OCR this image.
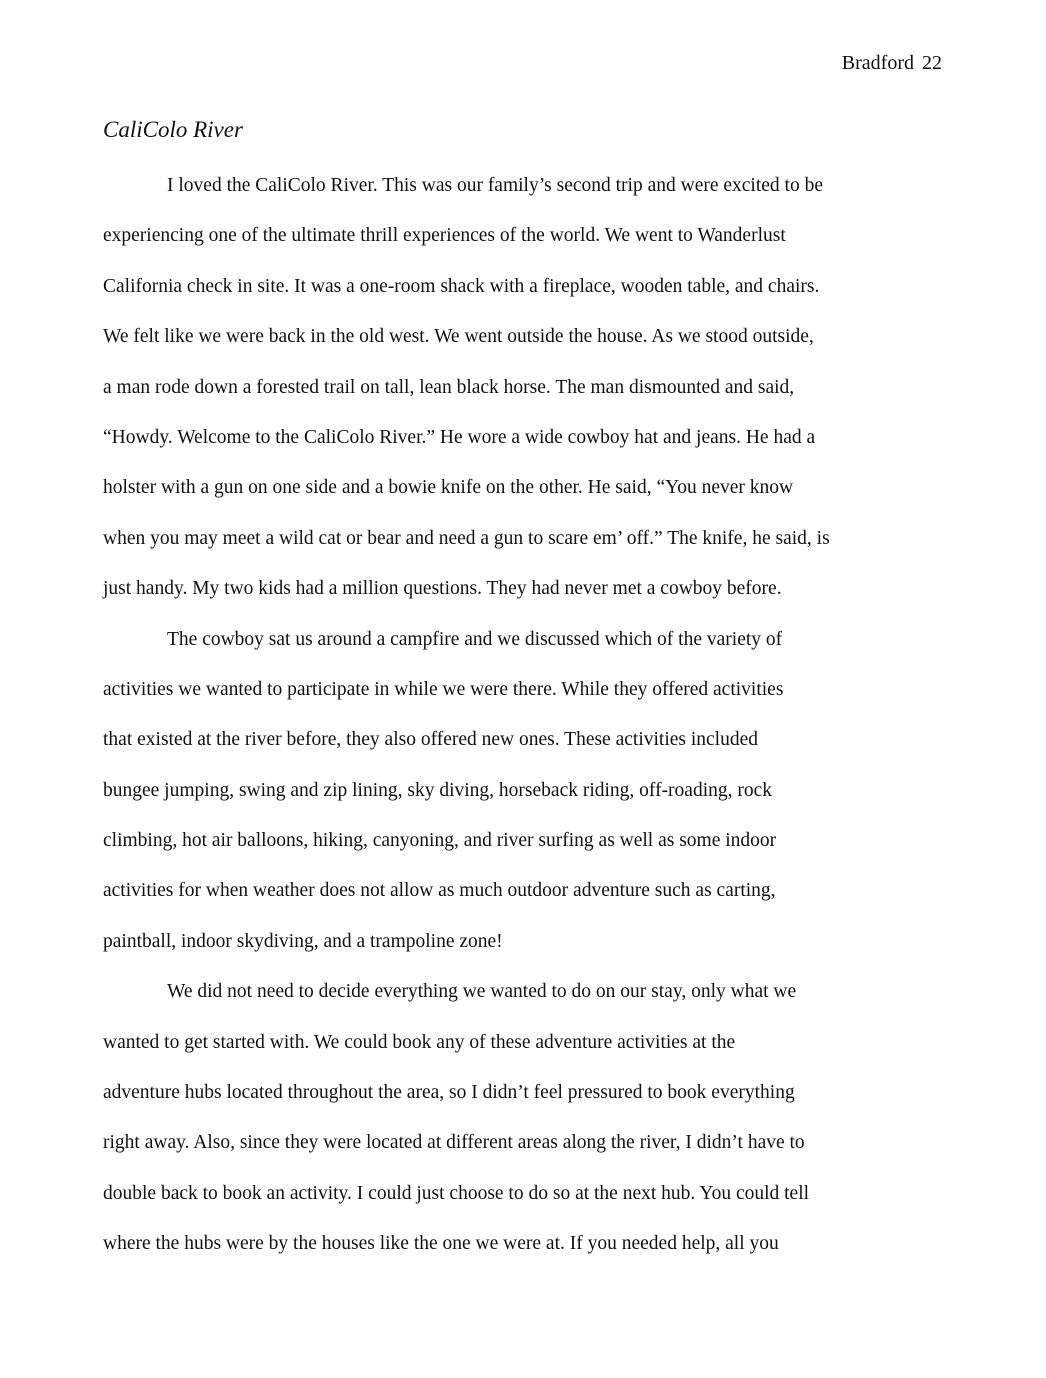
Bradford 22
CaliColo River
I loved the CaliColo River. This was our family’s second trip and were excited to be
experiencing one of the ultimate thrill experiences of the world. We went to Wanderlust
California check in site. It was a one-room shack with a fireplace, wooden table, and chairs.
We felt like we were back in the old west. We went outside the house. As we stood outside,
a man rode down a forested trail on tall, lean black horse. The man dismounted and said,
“Howdy. Welcome to the CaliColo River.” He wore a wide cowboy hat and jeans. He had a
holster with a gun on one side and a bowie knife on the other. He said, “You never know
when you may meet a wild cat or bear and need a gun to scare em’ off.” The knife, he said, is
just handy. My two kids had a million questions. They had never met a cowboy before.
The cowboy sat us around a campfire and we discussed which of the variety of
activities we wanted to participate in while we were there. While they offered activities
that existed at the river before, they also offered new ones. These activities included
bungee jumping, swing and zip lining, sky diving, horseback riding, off-roading, rock
climbing, hot air balloons, hiking, canyoning, and river surfing as well as some indoor
activities for when weather does not allow as much outdoor adventure such as carting,
paintball, indoor skydiving, and a trampoline zone!
We did not need to decide everything we wanted to do on our stay, only what we
wanted to get started with. We could book any of these adventure activities at the
adventure hubs located throughout the area, so I didn’t feel pressured to book everything
right away. Also, since they were located at different areas along the river, I didn’t have to
double back to book an activity. I could just choose to do so at the next hub. You could tell
where the hubs were by the houses like the one we were at. If you needed help, all you
